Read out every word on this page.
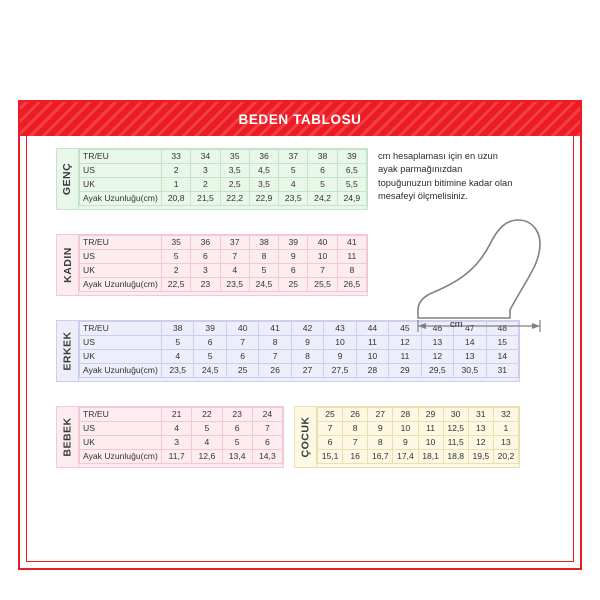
BEDEN TABLOSU
GENÇ
TR/EU	33	34	35	36	37	38	39
US	2	3	3,5	4,5	5	6	6,5
UK	1	2	2,5	3,5	4	5	5,5
Ayak Uzunluğu(cm)	20,8	21,5	22,2	22,9	23,5	24,2	24,9
KADIN
TR/EU	35	36	37	38	39	40	41
US	5	6	7	8	9	10	11
UK	2	3	4	5	6	7	8
Ayak Uzunluğu(cm)	22,5	23	23,5	24,5	25	25,5	26,5
ERKEK
TR/EU	38	39	40	41	42	43	44	45	46	47	48
US	5	6	7	8	9	10	11	12	13	14	15
UK	4	5	6	7	8	9	10	11	12	13	14
Ayak Uzunluğu(cm)	23,5	24,5	25	26	27	27,5	28	29	29,5	30,5	31
BEBEK
TR/EU	21	22	23	24
US	4	5	6	7
UK	3	4	5	6
Ayak Uzunluğu(cm)	11,7	12,6	13,4	14,3 ÇOCUK
25	26	27	28	29	30	31	32
7	8	9	10	11	12,5	13	1
6	7	8	9	10	11,5	12	13
15,1	16	16,7	17,4	18,1	18,8	19,5	20,2
cm hesaplaması için en uzun ayak parmağınızdan topuğunuzun bitimine kadar olan mesafeyi ölçmelisiniz.
cm
